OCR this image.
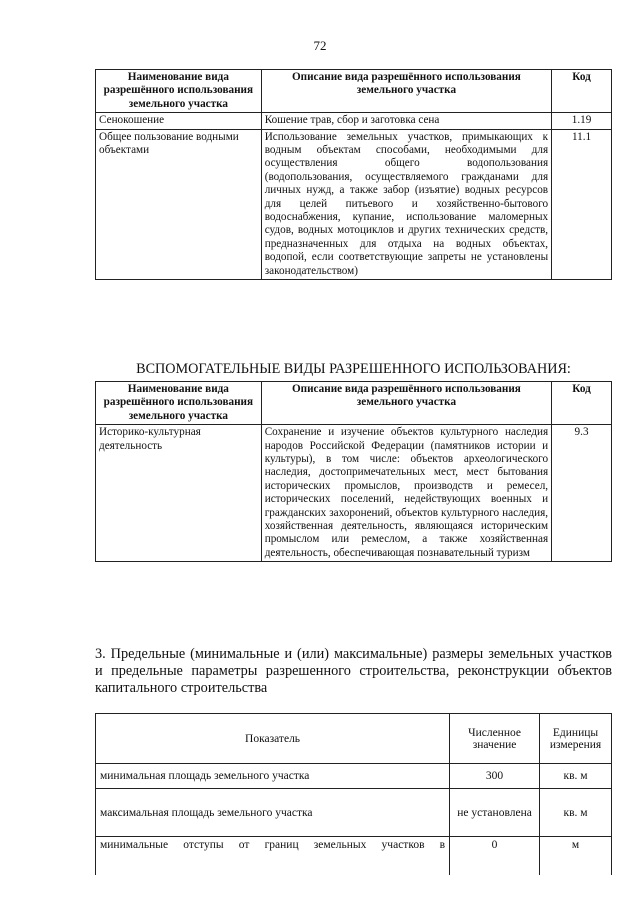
72
Наименование вида разрешённого использования земельного участка	Описание вида разрешённого использования земельного участка	Код
Сенокошение	Кошение трав, сбор и заготовка сена	1.19
Общее пользование водными объектами	Использование земельных участков, примыкающих к водным объектам способами, необходимыми для осуществления общего водопользования (водопользования, осуществляемого гражданами для личных нужд, а также забор (изъятие) водных ресурсов для целей питьевого и хозяйственно-бытового водоснабжения, купание, использование маломерных судов, водных мотоциклов и других технических средств, предназначенных для отдыха на водных объектах, водопой, если соответствующие запреты не установлены законодательством)	11.1
ВСПОМОГАТЕЛЬНЫЕ ВИДЫ РАЗРЕШЕННОГО ИСПОЛЬЗОВАНИЯ:
Наименование вида разрешённого использования земельного участка	Описание вида разрешённого использования земельного участка	Код
Историко-культурная деятельность	Сохранение и изучение объектов культурного наследия народов Российской Федерации (памятников истории и культуры), в том числе: объектов археологического наследия, достопримечательных мест, мест бытования исторических промыслов, производств и ремесел, исторических поселений, недействующих военных и гражданских захоронений, объектов культурного наследия, хозяйственная деятельность, являющаяся историческим промыслом или ремеслом, а также хозяйственная деятельность, обеспечивающая познавательный туризм	9.3
3. Предельные (минимальные и (или) максимальные) размеры земельных участков и предельные параметры разрешенного строительства, реконструкции объектов капитального строительства
Показатель	Численное значение	Единицы измерения
минимальная площадь земельного участка	300	кв. м
максимальная площадь земельного участка	не установлена	кв. м
минимальные отступы от границ земельных участков в	0	м
